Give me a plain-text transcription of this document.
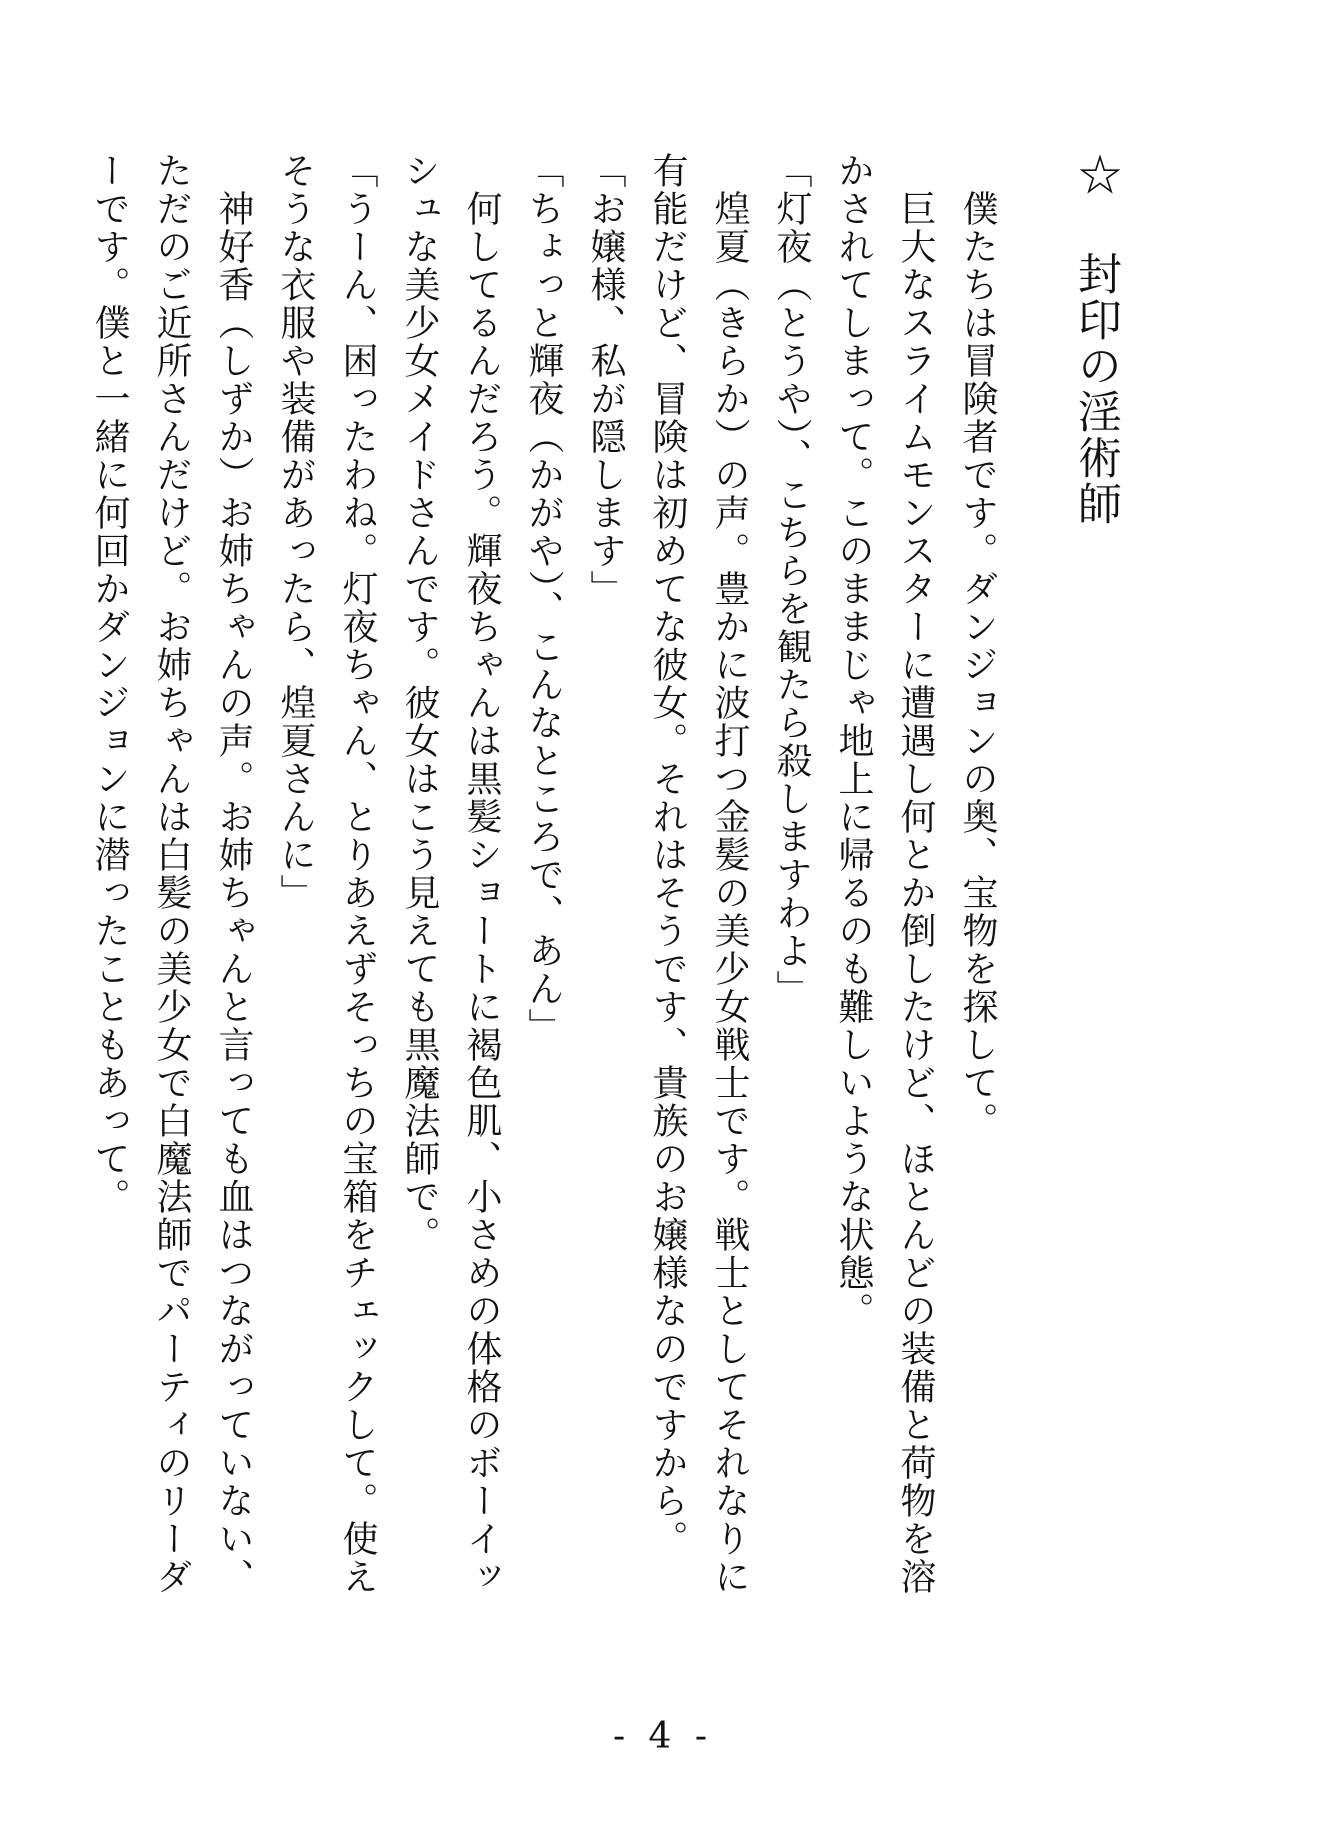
☆ 封印の淫術師
　僕たちは冒険者です。ダンジョンの奥、宝物を探して。
　巨大なスライムモンスターに遭遇し何とか倒したけど、ほとんどの装備と荷物を溶
かされてしまって。このままじゃ地上に帰るのも難しいような状態。
「灯夜（とうや）、こちらを観たら殺しますわよ」
　煌夏（きらか）の声。豊かに波打つ金髪の美少女戦士です。戦士としてそれなりに
有能だけど、冒険は初めてな彼女。それはそうです、貴族のお嬢様なのですから。
「お嬢様、私が隠します」
「ちょっと輝夜（かがや）、こんなところで、あん」
　何してるんだろう。輝夜ちゃんは黒髪ショートに褐色肌、小さめの体格のボーイッ
シュな美少女メイドさんです。彼女はこう見えても黒魔法師で。
「うーん、困ったわね。灯夜ちゃん、とりあえずそっちの宝箱をチェックして。使え
そうな衣服や装備があったら、煌夏さんに」
　神好香（しずか）お姉ちゃんの声。お姉ちゃんと言っても血はつながっていない、
ただのご近所さんだけど。お姉ちゃんは白髪の美少女で白魔法師でパーティのリーダ
ーです。僕と一緒に何回かダンジョンに潜ったこともあって。
- 4 -
